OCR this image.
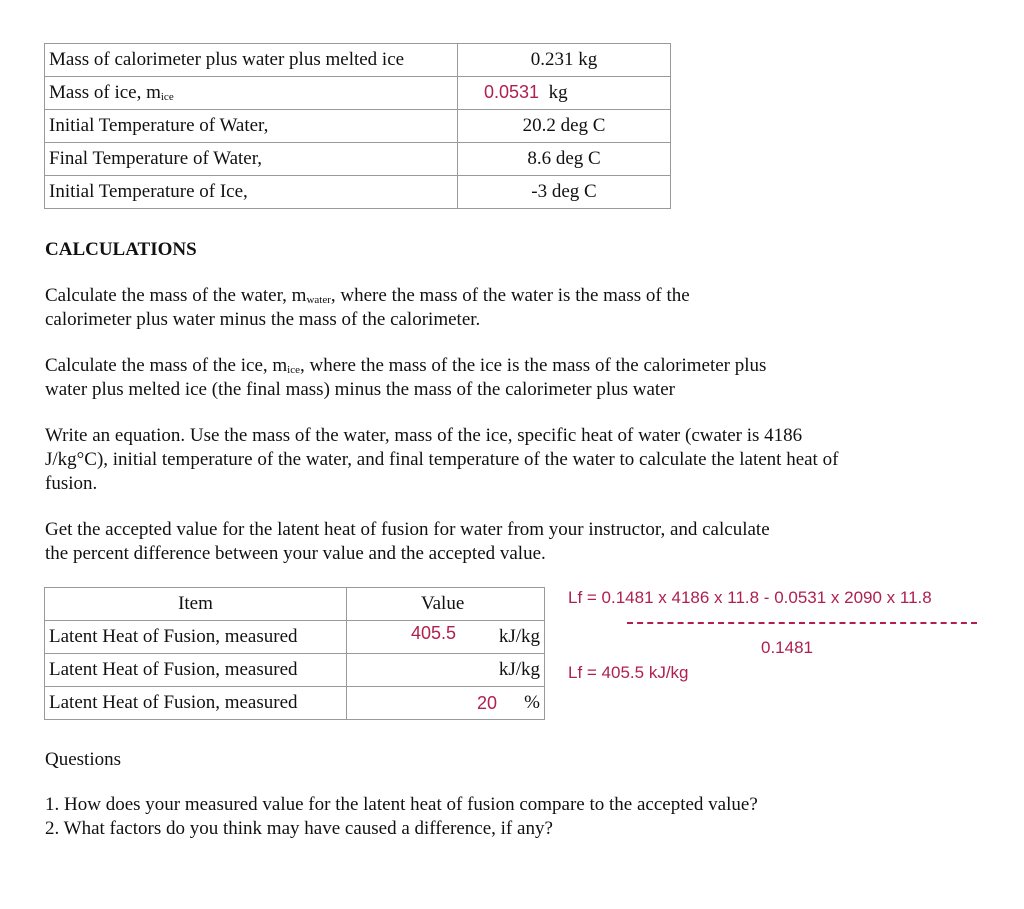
Mass of calorimeter plus water plus melted ice	0.231 kg
Mass of ice, $m_{ice}$	0.0531 kg
Initial Temperature of Water,	20.2 deg C
Final Temperature of Water,	8.6 deg C
Initial Temperature of Ice,	-3 deg C
CALCULATIONS
Calculate the mass of the water, $m_{water}$, where the mass of the water is the mass of the
calorimeter plus water minus the mass of the calorimeter.
Calculate the mass of the ice, $m_{ice}$, where the mass of the ice is the mass of the calorimeter plus
water plus melted ice (the final mass) minus the mass of the calorimeter plus water
Write an equation. Use the mass of the water, mass of the ice, specific heat of water (cwater is 4186
J/kg°C), initial temperature of the water, and final temperature of the water to calculate the latent heat of
fusion.
Get the accepted value for the latent heat of fusion for water from your instructor, and calculate
the percent difference between your value and the accepted value.
Item	Value

Latent Heat of Fusion, measured	405.5 kJ/kg

Latent Heat of Fusion, measured	kJ/kg

Latent Heat of Fusion, measured	20 %
Lf = 0.1481 x 4186 x 11.8 - 0.0531 x 2090 x 11.8
0.1481
Lf = 405.5 kJ/kg
Questions
1. How does your measured value for the latent heat of fusion compare to the accepted value?
2. What factors do you think may have caused a difference, if any?
